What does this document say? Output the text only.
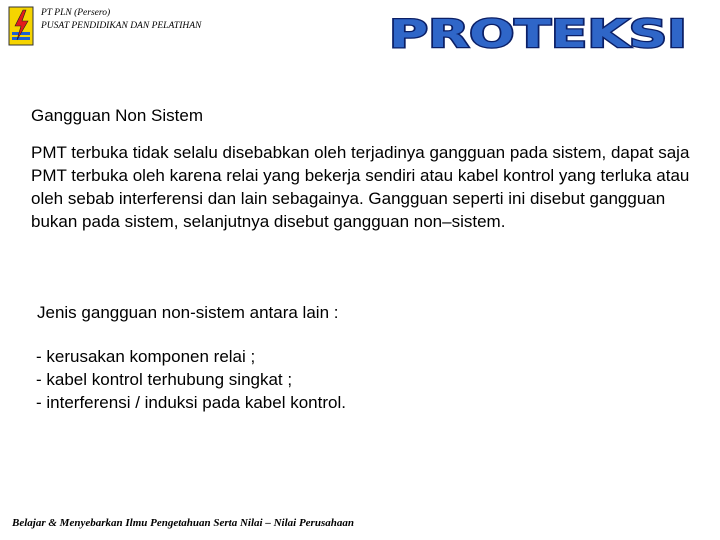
PT PLN (Persero)
PUSAT PENDIDIKAN DAN PELATIHAN	PROTEKSI
Gangguan Non Sistem

PMT terbuka tidak selalu disebabkan oleh terjadinya gangguan pada sistem, dapat saja PMT terbuka oleh karena relai yang bekerja sendiri atau kabel kontrol yang terluka atau oleh sebab interferensi dan lain sebagainya. Gangguan seperti ini disebut gangguan bukan pada sistem, selanjutnya disebut gangguan non–sistem.

Jenis gangguan non-sistem antara lain :
- kerusakan komponen relai ;
- kabel kontrol terhubung singkat ;
- interferensi / induksi pada kabel kontrol.
Belajar & Menyebarkan Ilmu Pengetahuan Serta Nilai – Nilai Perusahaan
